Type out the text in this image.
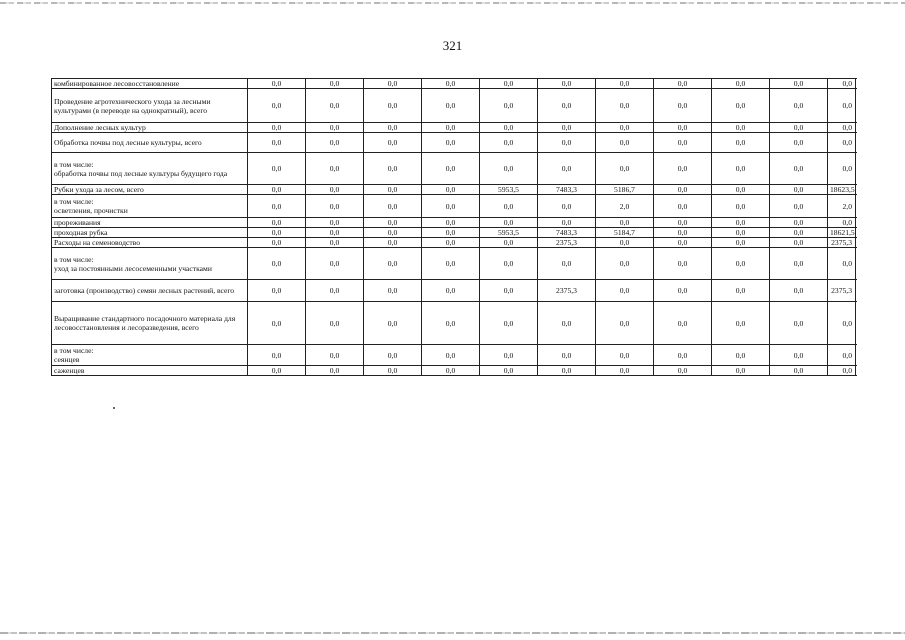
321
комбинированное лесовосстановление	0,0	0,0	0,0	0,0	0,0	0,0	0,0	0,0	0,0	0,0	0,0
Проведение агротехнического ухода за лесными культурами (в переводе на однократный), всего	0,0	0,0	0,0	0,0	0,0	0,0	0,0	0,0	0,0	0,0	0,0
Дополнение лесных культур	0,0	0,0	0,0	0,0	0,0	0,0	0,0	0,0	0,0	0,0	0,0
Обработка почвы под лесные культуры, всего	0,0	0,0	0,0	0,0	0,0	0,0	0,0	0,0	0,0	0,0	0,0
в том числе:
обработка почвы под лесные культуры будущего года	0,0	0,0	0,0	0,0	0,0	0,0	0,0	0,0	0,0	0,0	0,0
Рубки ухода за лесом, всего	0,0	0,0	0,0	0,0	5953,5	7483,3	5186,7	0,0	0,0	0,0	18623,5
в том числе:
осветления, прочистки	0,0	0,0	0,0	0,0	0,0	0,0	2,0	0,0	0,0	0,0	2,0
прореживания	0,0	0,0	0,0	0,0	0,0	0,0	0,0	0,0	0,0	0,0	0,0
проходная рубка	0,0	0,0	0,0	0,0	5953,5	7483,3	5184,7	0,0	0,0	0,0	18621,5
Расходы на семеноводство	0,0	0,0	0,0	0,0	0,0	2375,3	0,0	0,0	0,0	0,0	2375,3
в том числе:
уход за постоянными лесосеменными участками	0,0	0,0	0,0	0,0	0,0	0,0	0,0	0,0	0,0	0,0	0,0
заготовка (производство) семян лесных растений, всего	0,0	0,0	0,0	0,0	0,0	2375,3	0,0	0,0	0,0	0,0	2375,3
Выращивание стандартного посадочного материала для лесовосстановления и лесоразведения, всего	0,0	0,0	0,0	0,0	0,0	0,0	0,0	0,0	0,0	0,0	0,0
в том числе:
сеянцев	0,0	0,0	0,0	0,0	0,0	0,0	0,0	0,0	0,0	0,0	0,0
саженцев	0,0	0,0	0,0	0,0	0,0	0,0	0,0	0,0	0,0	0,0	0,0
